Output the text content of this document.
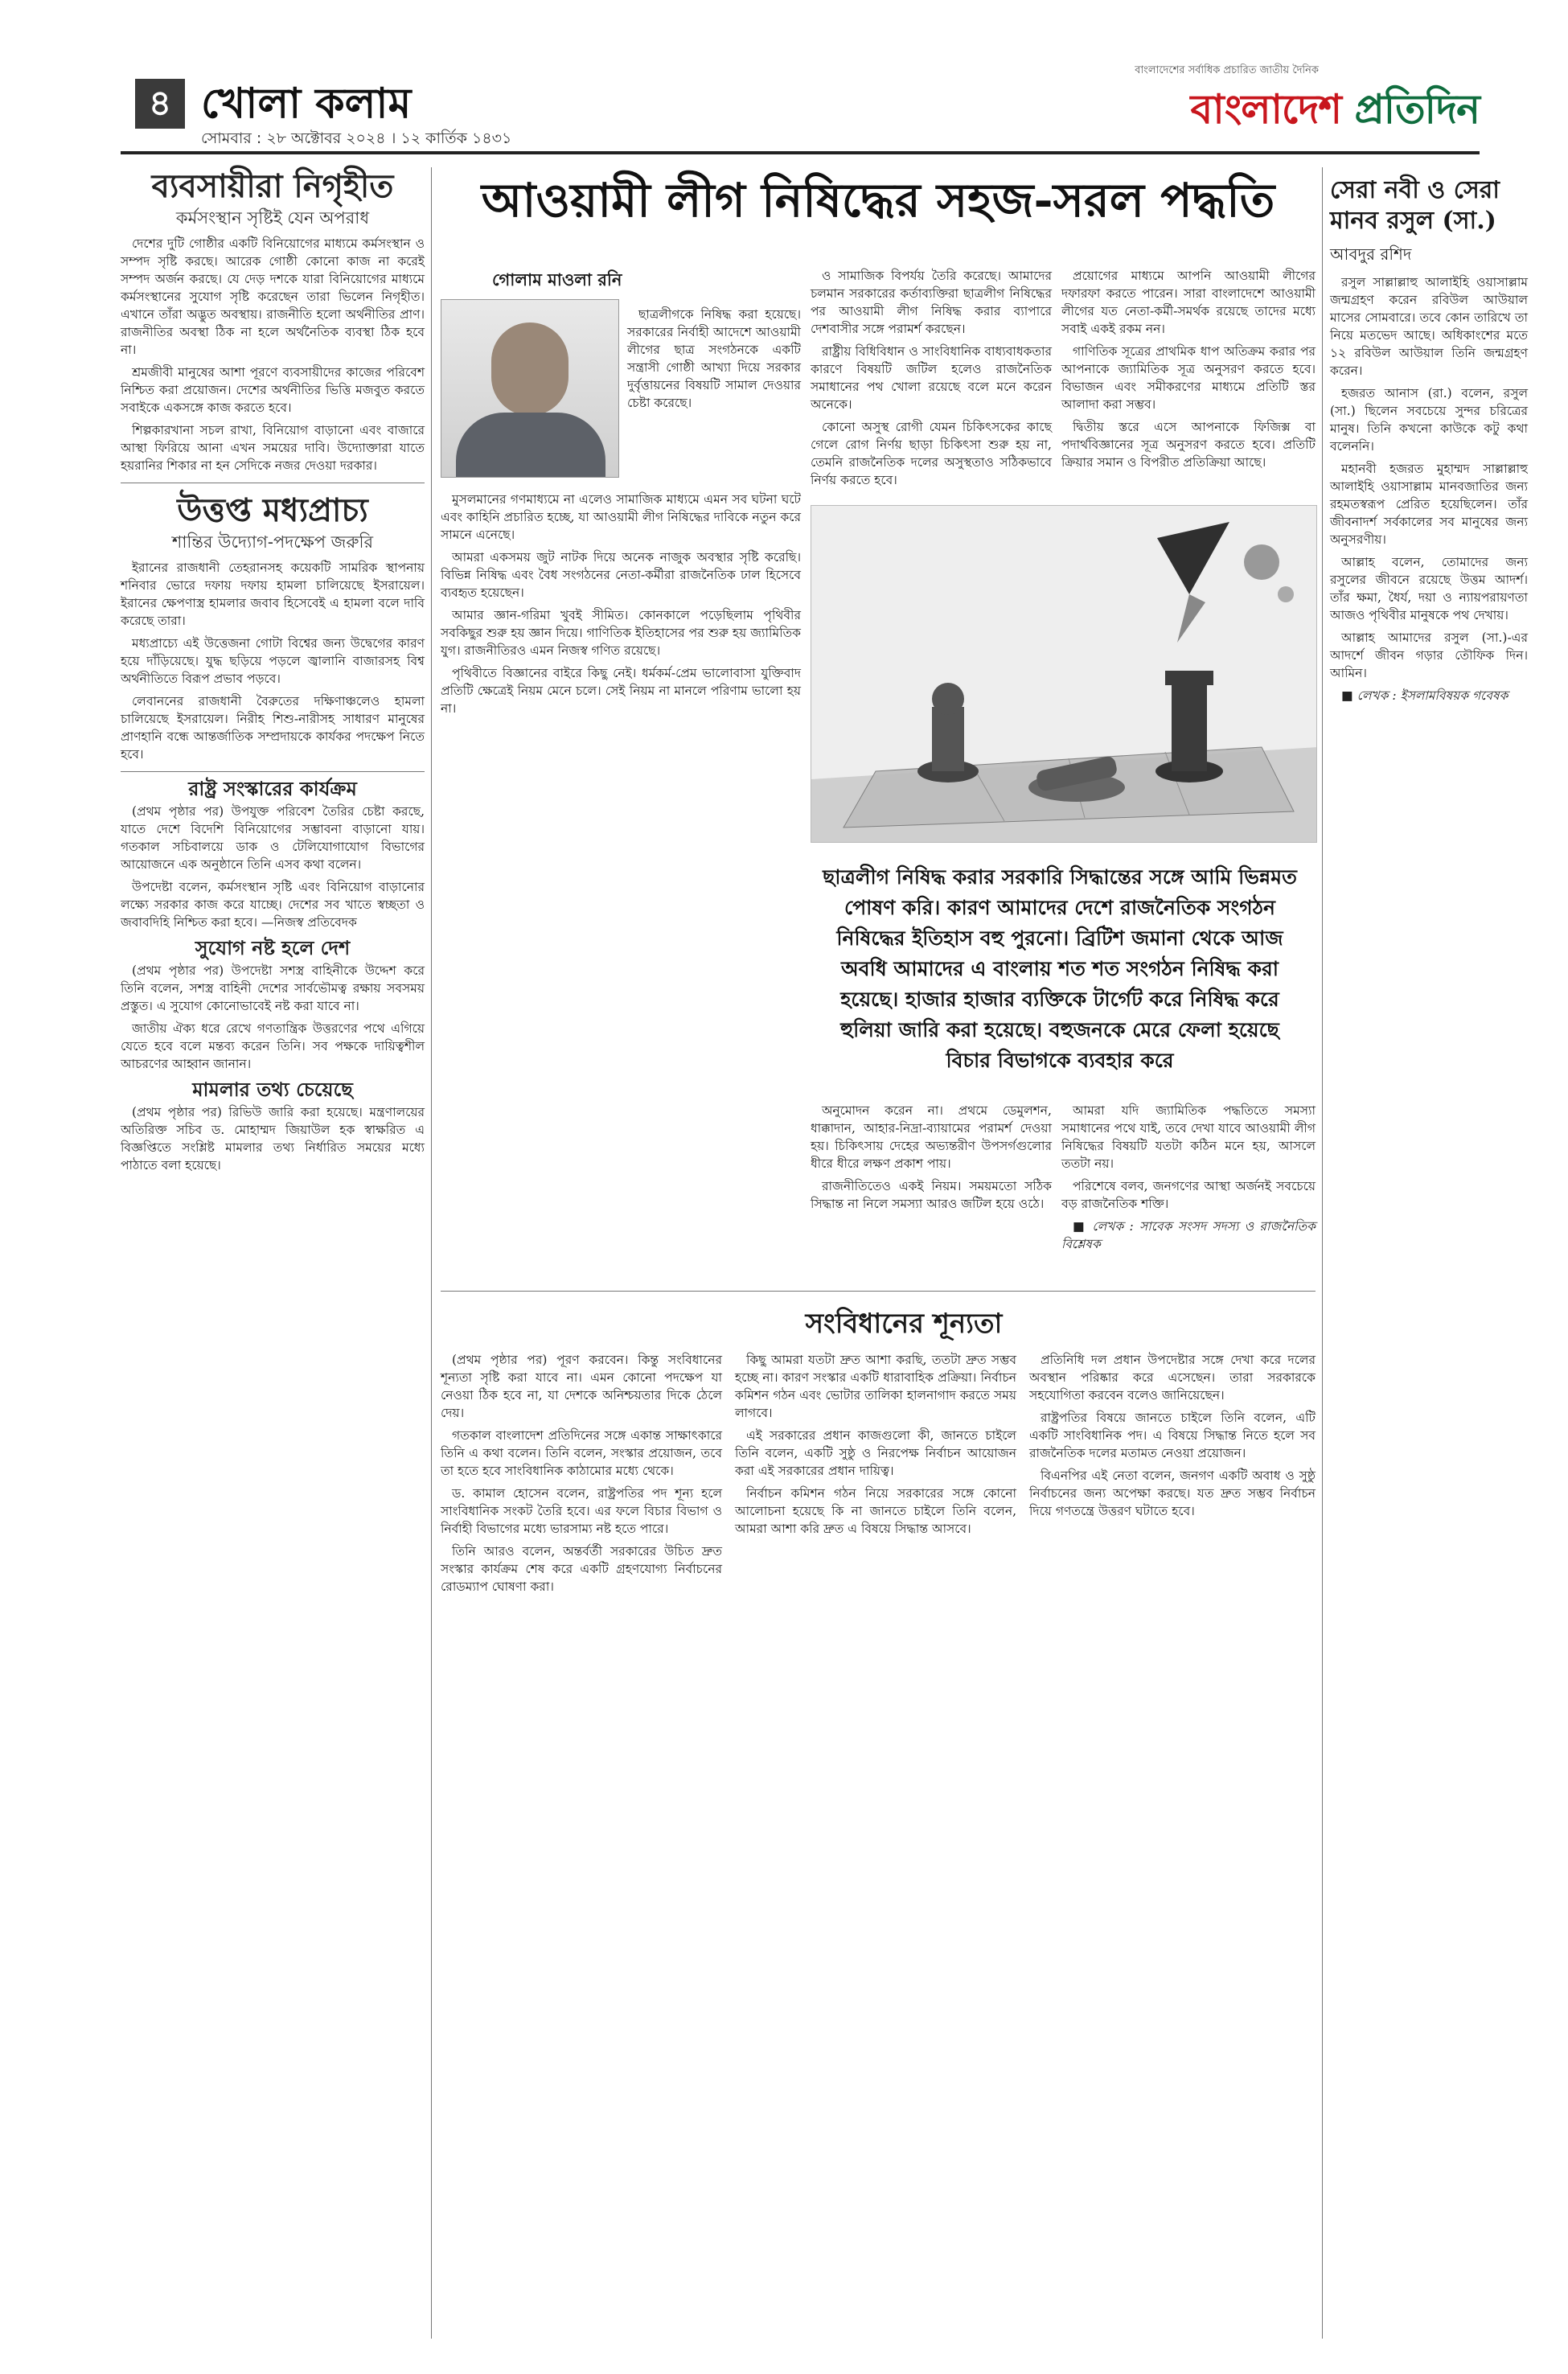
৪ খোলা কলাম
সোমবার : ২৮ অক্টোবর ২০২৪ । ১২ কার্তিক ১৪৩১
বাংলাদেশের সর্বাধিক প্রচারিত জাতীয় দৈনিক
বাংলাদেশ প্রতিদিন
ব্যবসায়ীরা নিগৃহীত
কর্মসংস্থান সৃষ্টিই যেন অপরাধ

দেশের দুটি গোষ্ঠীর একটি বিনিয়োগের মাধ্যমে কর্মসংস্থান ও সম্পদ সৃষ্টি করছে। আরেক গোষ্ঠী কোনো কাজ না করেই সম্পদ অর্জন করছে। যে দেড় দশকে যারা বিনিয়োগের মাধ্যমে কর্মসংস্থানের সুযোগ সৃষ্টি করেছেন তারা ভিলেন নিগৃহীত। এখানে তাঁরা অদ্ভুত অবস্থায়। রাজনীতি হলো অর্থনীতির প্রাণ। রাজনীতির অবস্থা ঠিক না হলে অর্থনৈতিক ব্যবস্থা ঠিক হবে না।

শ্রমজীবী মানুষের আশা পূরণে ব্যবসায়ীদের কাজের পরিবেশ নিশ্চিত করা প্রয়োজন। দেশের অর্থনীতির ভিত্তি মজবুত করতে সবাইকে একসঙ্গে কাজ করতে হবে।

শিল্পকারখানা সচল রাখা, বিনিয়োগ বাড়ানো এবং বাজারে আস্থা ফিরিয়ে আনা এখন সময়ের দাবি। উদ্যোক্তারা যাতে হয়রানির শিকার না হন সেদিকে নজর দেওয়া দরকার।

উত্তপ্ত মধ্যপ্রাচ্য
শান্তির উদ্যোগ-পদক্ষেপ জরুরি

ইরানের রাজধানী তেহরানসহ কয়েকটি সামরিক স্থাপনায় শনিবার ভোরে দফায় দফায় হামলা চালিয়েছে ইসরায়েল। ইরানের ক্ষেপণাস্ত্র হামলার জবাব হিসেবেই এ হামলা বলে দাবি করেছে তারা।

মধ্যপ্রাচ্যে এই উত্তেজনা গোটা বিশ্বের জন্য উদ্বেগের কারণ হয়ে দাঁড়িয়েছে। যুদ্ধ ছড়িয়ে পড়লে জ্বালানি বাজারসহ বিশ্ব অর্থনীতিতে বিরূপ প্রভাব পড়বে।

লেবাননের রাজধানী বৈরুতের দক্ষিণাঞ্চলেও হামলা চালিয়েছে ইসরায়েল। নিরীহ শিশু-নারীসহ সাধারণ মানুষের প্রাণহানি বন্ধে আন্তর্জাতিক সম্প্রদায়কে কার্যকর পদক্ষেপ নিতে হবে।

রাষ্ট্র সংস্কারের কার্যক্রম

(প্রথম পৃষ্ঠার পর) উপযুক্ত পরিবেশ তৈরির চেষ্টা করছে, যাতে দেশে বিদেশি বিনিয়োগের সম্ভাবনা বাড়ানো যায়। গতকাল সচিবালয়ে ডাক ও টেলিযোগাযোগ বিভাগের আয়োজনে এক অনুষ্ঠানে তিনি এসব কথা বলেন।

উপদেষ্টা বলেন, কর্মসংস্থান সৃষ্টি এবং বিনিয়োগ বাড়ানোর লক্ষ্যে সরকার কাজ করে যাচ্ছে। দেশের সব খাতে স্বচ্ছতা ও জবাবদিহি নিশ্চিত করা হবে। —নিজস্ব প্রতিবেদক

সুযোগ নষ্ট হলে দেশ

(প্রথম পৃষ্ঠার পর) উপদেষ্টা সশস্ত্র বাহিনীকে উদ্দেশ করে তিনি বলেন, সশস্ত্র বাহিনী দেশের সার্বভৌমত্ব রক্ষায় সবসময় প্রস্তুত। এ সুযোগ কোনোভাবেই নষ্ট করা যাবে না।

জাতীয় ঐক্য ধরে রেখে গণতান্ত্রিক উত্তরণের পথে এগিয়ে যেতে হবে বলে মন্তব্য করেন তিনি। সব পক্ষকে দায়িত্বশীল আচরণের আহ্বান জানান।

মামলার তথ্য চেয়েছে

(প্রথম পৃষ্ঠার পর) রিভিউ জারি করা হয়েছে। মন্ত্রণালয়ের অতিরিক্ত সচিব ড. মোহাম্মদ জিয়াউল হক স্বাক্ষরিত এ বিজ্ঞপ্তিতে সংশ্লিষ্ট মামলার তথ্য নির্ধারিত সময়ের মধ্যে পাঠাতে বলা হয়েছে।

আওয়ামী লীগ নিষিদ্ধের সহজ-সরল পদ্ধতি
গোলাম মাওলা রনি

ছাত্রলীগকে নিষিদ্ধ করা হয়েছে। সরকারের নির্বাহী আদেশে আওয়ামী লীগের ছাত্র সংগঠনকে একটি সন্ত্রাসী গোষ্ঠী আখ্যা দিয়ে সরকার দুর্বৃত্তায়নের বিষয়টি সামাল দেওয়ার চেষ্টা করেছে।

মুসলমানের গণমাধ্যমে না এলেও সামাজিক মাধ্যমে এমন সব ঘটনা ঘটে এবং কাহিনি প্রচারিত হচ্ছে, যা আওয়ামী লীগ নিষিদ্ধের দাবিকে নতুন করে সামনে এনেছে।

আমরা একসময় জুট নাটক দিয়ে অনেক নাজুক অবস্থার সৃষ্টি করেছি। বিভিন্ন নিষিদ্ধ এবং বৈধ সংগঠনের নেতা-কর্মীরা রাজনৈতিক ঢাল হিসেবে ব্যবহৃত হয়েছেন।

আমার জ্ঞান-গরিমা খুবই সীমিত। কোনকালে পড়েছিলাম পৃথিবীর সবকিছুর শুরু হয় জ্ঞান দিয়ে। গাণিতিক ইতিহাসের পর শুরু হয় জ্যামিতিক যুগ। রাজনীতিরও এমন নিজস্ব গণিত রয়েছে।

পৃথিবীতে বিজ্ঞানের বাইরে কিছু নেই। ধর্মকর্ম-প্রেম ভালোবাসা যুক্তিবাদ প্রতিটি ক্ষেত্রেই নিয়ম মেনে চলে। সেই নিয়ম না মানলে পরিণাম ভালো হয় না।

ও সামাজিক বিপর্যয় তৈরি করেছে। আমাদের চলমান সরকারের কর্তাব্যক্তিরা ছাত্রলীগ নিষিদ্ধের পর আওয়ামী লীগ নিষিদ্ধ করার ব্যাপারে দেশবাসীর সঙ্গে পরামর্শ করছেন।

রাষ্ট্রীয় বিধিবিধান ও সাংবিধানিক বাধ্যবাধকতার কারণে বিষয়টি জটিল হলেও রাজনৈতিক সমাধানের পথ খোলা রয়েছে বলে মনে করেন অনেকে।

কোনো অসুস্থ রোগী যেমন চিকিৎসকের কাছে গেলে রোগ নির্ণয় ছাড়া চিকিৎসা শুরু হয় না, তেমনি রাজনৈতিক দলের অসুস্থতাও সঠিকভাবে নির্ণয় করতে হবে।

প্রয়োগের মাধ্যমে আপনি আওয়ামী লীগের দফারফা করতে পারেন। সারা বাংলাদেশে আওয়ামী লীগের যত নেতা-কর্মী-সমর্থক রয়েছে তাদের মধ্যে সবাই একই রকম নন।

গাণিতিক সূত্রের প্রাথমিক ধাপ অতিক্রম করার পর আপনাকে জ্যামিতিক সূত্র অনুসরণ করতে হবে। বিভাজন এবং সমীকরণের মাধ্যমে প্রতিটি স্তর আলাদা করা সম্ভব।

দ্বিতীয় স্তরে এসে আপনাকে ফিজিক্স বা পদার্থবিজ্ঞানের সূত্র অনুসরণ করতে হবে। প্রতিটি ক্রিয়ার সমান ও বিপরীত প্রতিক্রিয়া আছে।

ছাত্রলীগ নিষিদ্ধ করার সরকারি সিদ্ধান্তের সঙ্গে আমি ভিন্নমত পোষণ করি। কারণ আমাদের দেশে রাজনৈতিক সংগঠন নিষিদ্ধের ইতিহাস বহু পুরনো। ব্রিটিশ জমানা থেকে আজ অবধি আমাদের এ বাংলায় শত শত সংগঠন নিষিদ্ধ করা হয়েছে। হাজার হাজার ব্যক্তিকে টার্গেট করে নিষিদ্ধ করে হুলিয়া জারি করা হয়েছে। বহুজনকে মেরে ফেলা হয়েছে বিচার বিভাগকে ব্যবহার করে

অনুমোদন করেন না। প্রথমে ডেমুলশন, ধাক্কাদান, আহার-নিদ্রা-ব্যায়ামের পরামর্শ দেওয়া হয়। চিকিৎসায় দেহের অভ্যন্তরীণ উপসর্গগুলোর ধীরে ধীরে লক্ষণ প্রকাশ পায়।

রাজনীতিতেও একই নিয়ম। সময়মতো সঠিক সিদ্ধান্ত না নিলে সমস্যা আরও জটিল হয়ে ওঠে।

আমরা যদি জ্যামিতিক পদ্ধতিতে সমস্যা সমাধানের পথে যাই, তবে দেখা যাবে আওয়ামী লীগ নিষিদ্ধের বিষয়টি যতটা কঠিন মনে হয়, আসলে ততটা নয়।

পরিশেষে বলব, জনগণের আস্থা অর্জনই সবচেয়ে বড় রাজনৈতিক শক্তি।

■ লেখক : সাবেক সংসদ সদস্য ও রাজনৈতিক বিশ্লেষক

সংবিধানের শূন্যতা

(প্রথম পৃষ্ঠার পর) পূরণ করবেন। কিন্তু সংবিধানের শূন্যতা সৃষ্টি করা যাবে না। এমন কোনো পদক্ষেপ যা নেওয়া ঠিক হবে না, যা দেশকে অনিশ্চয়তার দিকে ঠেলে দেয়।

গতকাল বাংলাদেশ প্রতিদিনের সঙ্গে একান্ত সাক্ষাৎকারে তিনি এ কথা বলেন। তিনি বলেন, সংস্কার প্রয়োজন, তবে তা হতে হবে সাংবিধানিক কাঠামোর মধ্যে থেকে।

ড. কামাল হোসেন বলেন, রাষ্ট্রপতির পদ শূন্য হলে সাংবিধানিক সংকট তৈরি হবে। এর ফলে বিচার বিভাগ ও নির্বাহী বিভাগের মধ্যে ভারসাম্য নষ্ট হতে পারে।

তিনি আরও বলেন, অন্তর্বর্তী সরকারের উচিত দ্রুত সংস্কার কার্যক্রম শেষ করে একটি গ্রহণযোগ্য নির্বাচনের রোডম্যাপ ঘোষণা করা।

কিছু আমরা যতটা দ্রুত আশা করছি, ততটা দ্রুত সম্ভব হচ্ছে না। কারণ সংস্কার একটি ধারাবাহিক প্রক্রিয়া। নির্বাচন কমিশন গঠন এবং ভোটার তালিকা হালনাগাদ করতে সময় লাগবে।

এই সরকারের প্রধান কাজগুলো কী, জানতে চাইলে তিনি বলেন, একটি সুষ্ঠু ও নিরপেক্ষ নির্বাচন আয়োজন করা এই সরকারের প্রধান দায়িত্ব।

নির্বাচন কমিশন গঠন নিয়ে সরকারের সঙ্গে কোনো আলোচনা হয়েছে কি না জানতে চাইলে তিনি বলেন, আমরা আশা করি দ্রুত এ বিষয়ে সিদ্ধান্ত আসবে।

প্রতিনিধি দল প্রধান উপদেষ্টার সঙ্গে দেখা করে দলের অবস্থান পরিষ্কার করে এসেছেন। তারা সরকারকে সহযোগিতা করবেন বলেও জানিয়েছেন।

রাষ্ট্রপতির বিষয়ে জানতে চাইলে তিনি বলেন, এটি একটি সাংবিধানিক পদ। এ বিষয়ে সিদ্ধান্ত নিতে হলে সব রাজনৈতিক দলের মতামত নেওয়া প্রয়োজন।

বিএনপির এই নেতা বলেন, জনগণ একটি অবাধ ও সুষ্ঠু নির্বাচনের জন্য অপেক্ষা করছে। যত দ্রুত সম্ভব নির্বাচন দিয়ে গণতন্ত্রে উত্তরণ ঘটাতে হবে।

সেরা নবী ও সেরা মানব রসুল (সা.)
আবদুর রশিদ

রসুল সাল্লাল্লাহু আলাইহি ওয়াসাল্লাম জন্মগ্রহণ করেন রবিউল আউয়াল মাসের সোমবারে। তবে কোন তারিখে তা নিয়ে মতভেদ আছে। অধিকাংশের মতে ১২ রবিউল আউয়াল তিনি জন্মগ্রহণ করেন।

হজরত আনাস (রা.) বলেন, রসুল (সা.) ছিলেন সবচেয়ে সুন্দর চরিত্রের মানুষ। তিনি কখনো কাউকে কটু কথা বলেননি।

মহানবী হজরত মুহাম্মদ সাল্লাল্লাহু আলাইহি ওয়াসাল্লাম মানবজাতির জন্য রহমতস্বরূপ প্রেরিত হয়েছিলেন। তাঁর জীবনাদর্শ সর্বকালের সব মানুষের জন্য অনুসরণীয়।

আল্লাহ বলেন, তোমাদের জন্য রসুলের জীবনে রয়েছে উত্তম আদর্শ। তাঁর ক্ষমা, ধৈর্য, দয়া ও ন্যায়পরায়ণতা আজও পৃথিবীর মানুষকে পথ দেখায়।

আল্লাহ আমাদের রসুল (সা.)-এর আদর্শে জীবন গড়ার তৌফিক দিন। আমিন।

■ লেখক : ইসলামবিষয়ক গবেষক
